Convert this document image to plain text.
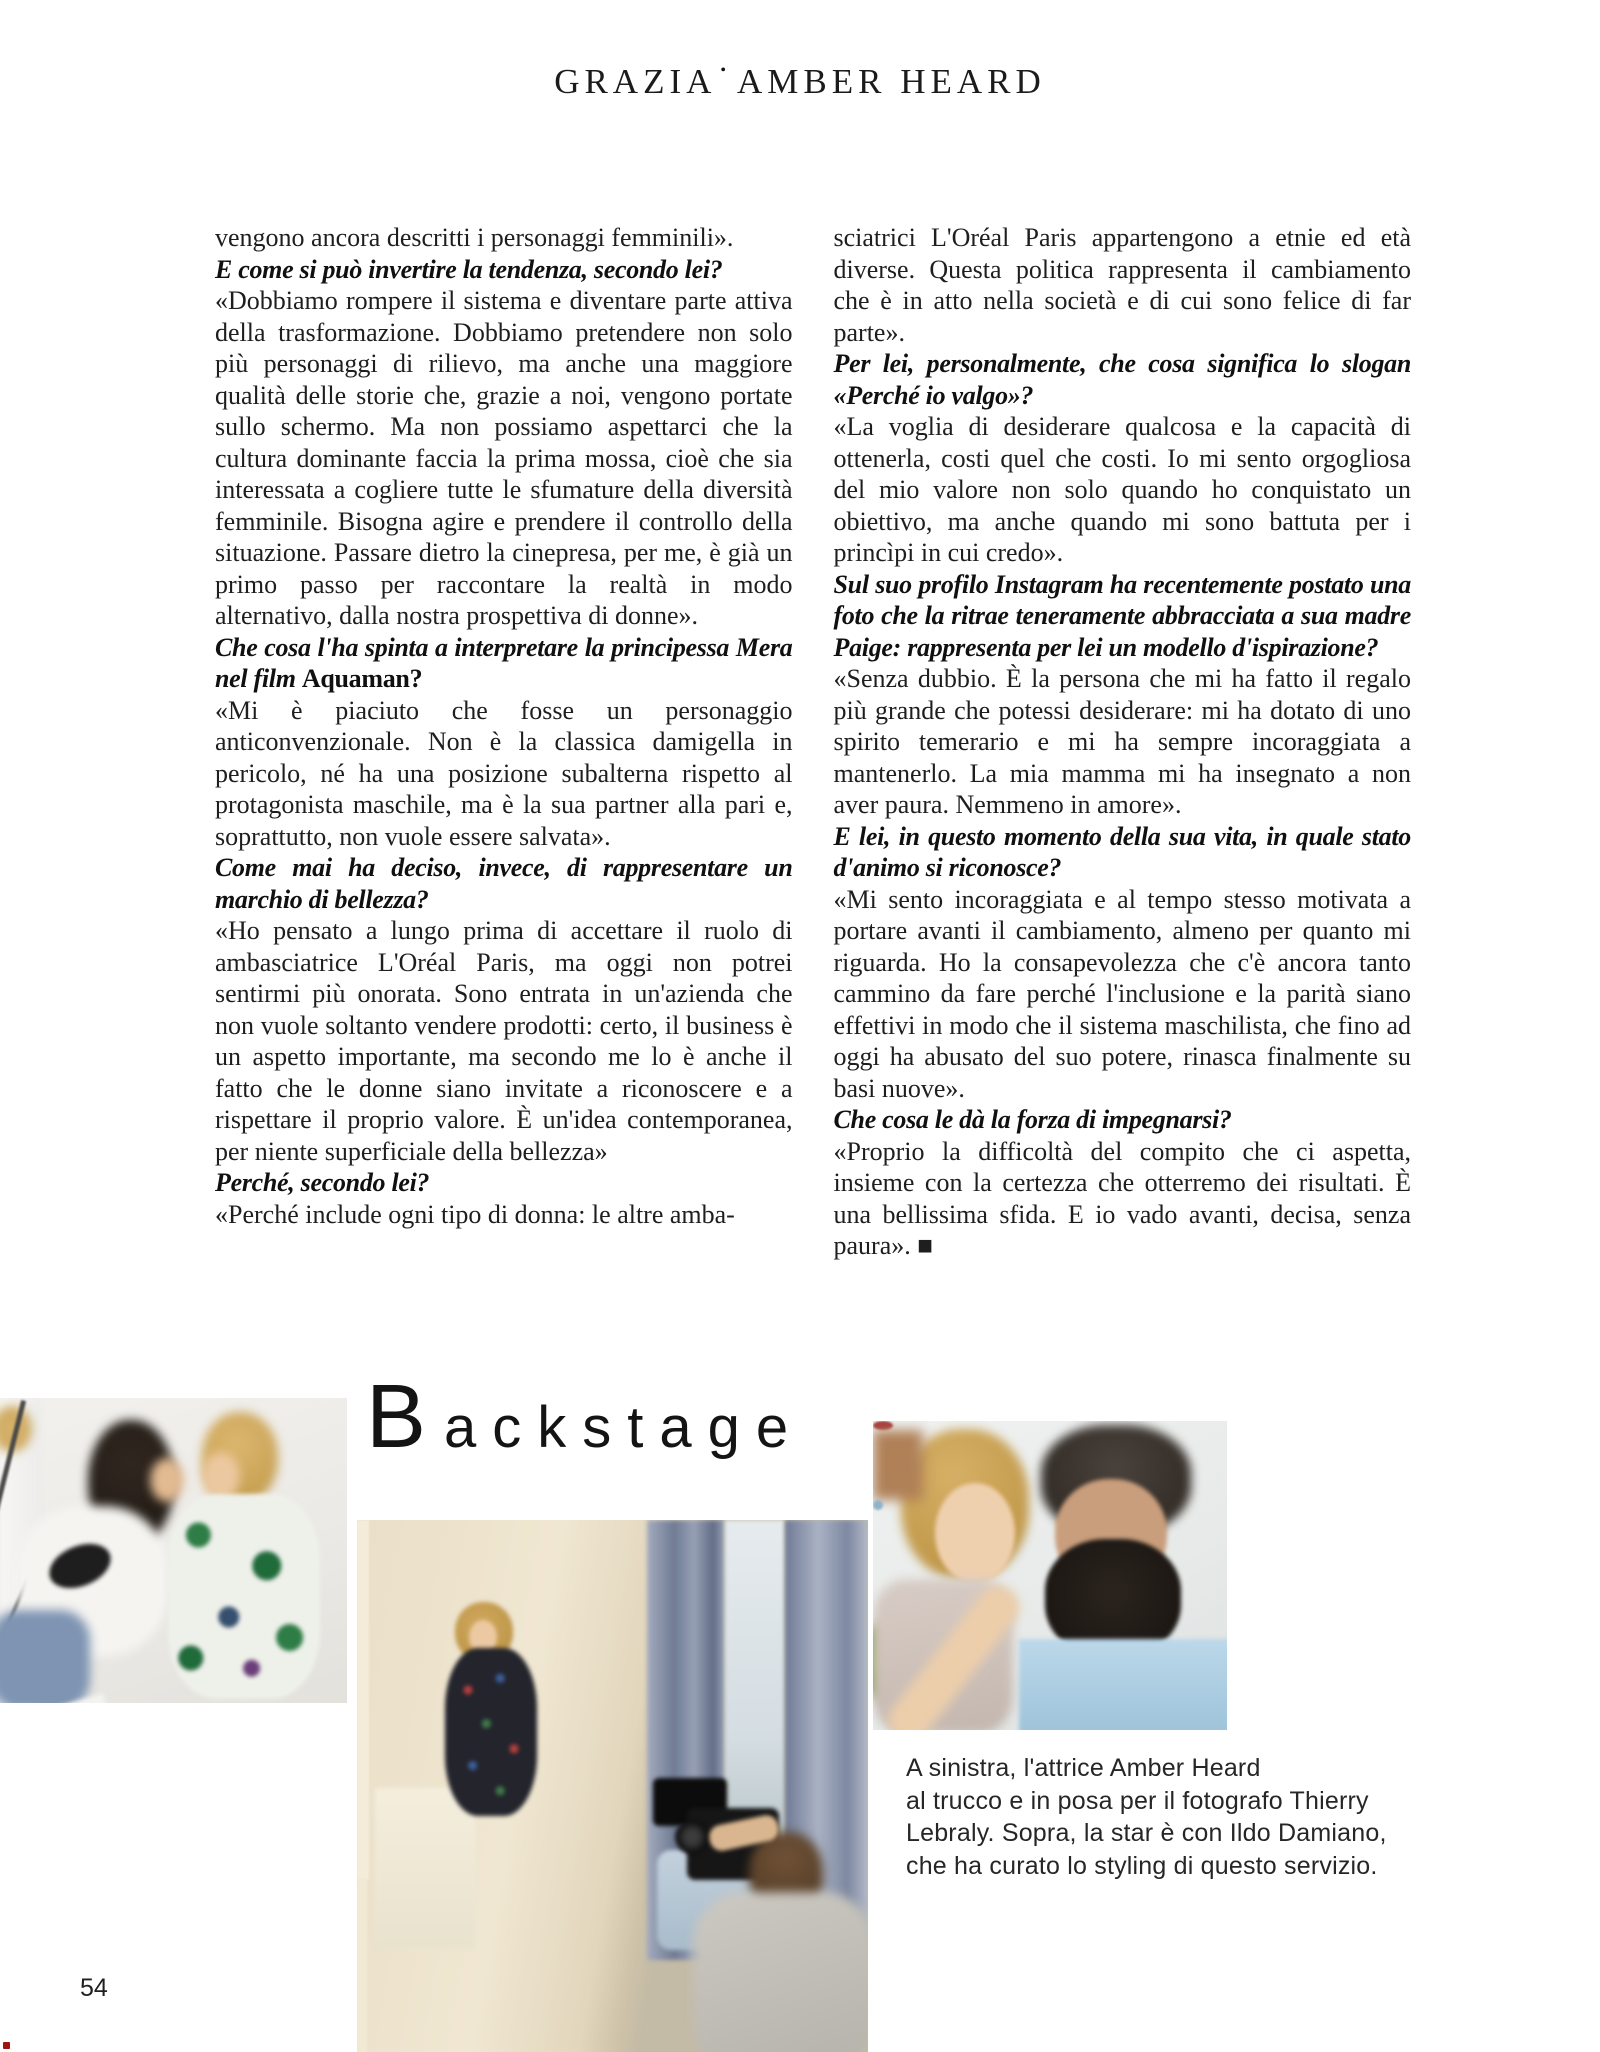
GRAZIA • AMBER HEARD

vengono ancora descritti i personaggi femminili».

E come si può invertire la tendenza, secondo lei?

«Dobbiamo rompere il sistema e diventare parte attiva della trasformazione. Dobbiamo pretendere non solo più personaggi di rilievo, ma anche una maggiore qualità delle storie che, grazie a noi, vengono portate sullo schermo. Ma non possiamo aspettarci che la cultura dominante faccia la prima mossa, cioè che sia interessata a cogliere tutte le sfumature della diversità femminile. Bisogna agire e prendere il controllo della situazione. Passare dietro la cinepresa, per me, è già un primo passo per raccontare la realtà in modo alternativo, dalla nostra prospettiva di donne».

Che cosa l'ha spinta a interpretare la principessa Mera nel film Aquaman?

«Mi è piaciuto che fosse un personaggio anticonvenzionale. Non è la classica damigella in pericolo, né ha una posizione subalterna rispetto al protagonista maschile, ma è la sua partner alla pari e, soprattutto, non vuole essere salvata».

Come mai ha deciso, invece, di rappresentare un marchio di bellezza?

«Ho pensato a lungo prima di accettare il ruolo di ambasciatrice L'Oréal Paris, ma oggi non potrei sentirmi più onorata. Sono entrata in un'azienda che non vuole soltanto vendere prodotti: certo, il business è un aspetto importante, ma secondo me lo è anche il fatto che le donne siano invitate a riconoscere e a rispettare il proprio valore. È un'idea contemporanea, per niente superficiale della bellezza»

Perché, secondo lei?

«Perché include ogni tipo di donna: le altre amba-

sciatrici L'Oréal Paris appartengono a etnie ed età diverse. Questa politica rappresenta il cambiamento che è in atto nella società e di cui sono felice di far parte».

Per lei, personalmente, che cosa significa lo slogan «Perché io valgo»?

«La voglia di desiderare qualcosa e la capacità di ottenerla, costi quel che costi. Io mi sento orgogliosa del mio valore non solo quando ho conquistato un obiettivo, ma anche quando mi sono battuta per i princìpi in cui credo».

Sul suo profilo Instagram ha recentemente postato una foto che la ritrae teneramente abbracciata a sua madre Paige: rappresenta per lei un modello d'ispirazione?

«Senza dubbio. È la persona che mi ha fatto il regalo più grande che potessi desiderare: mi ha dotato di uno spirito temerario e mi ha sempre incoraggiata a mantenerlo. La mia mamma mi ha insegnato a non aver paura. Nemmeno in amore».

E lei, in questo momento della sua vita, in quale stato d'animo si riconosce?

«Mi sento incoraggiata e al tempo stesso motivata a portare avanti il cambiamento, almeno per quanto mi riguarda. Ho la consapevolezza che c'è ancora tanto cammino da fare perché l'inclusione e la parità siano effettivi in modo che il sistema maschilista, che fino ad oggi ha abusato del suo potere, rinasca finalmente su basi nuove».

Che cosa le dà la forza di impegnarsi?

«Proprio la difficoltà del compito che ci aspetta, insieme con la certezza che otterremo dei risultati. È una bellissima sfida. E io vado avanti, decisa, senza paura». ■

Backstage
A sinistra, l'attrice Amber Heard
al trucco e in posa per il fotografo Thierry
Lebraly. Sopra, la star è con Ildo Damiano,
che ha curato lo styling di questo servizio.
54
